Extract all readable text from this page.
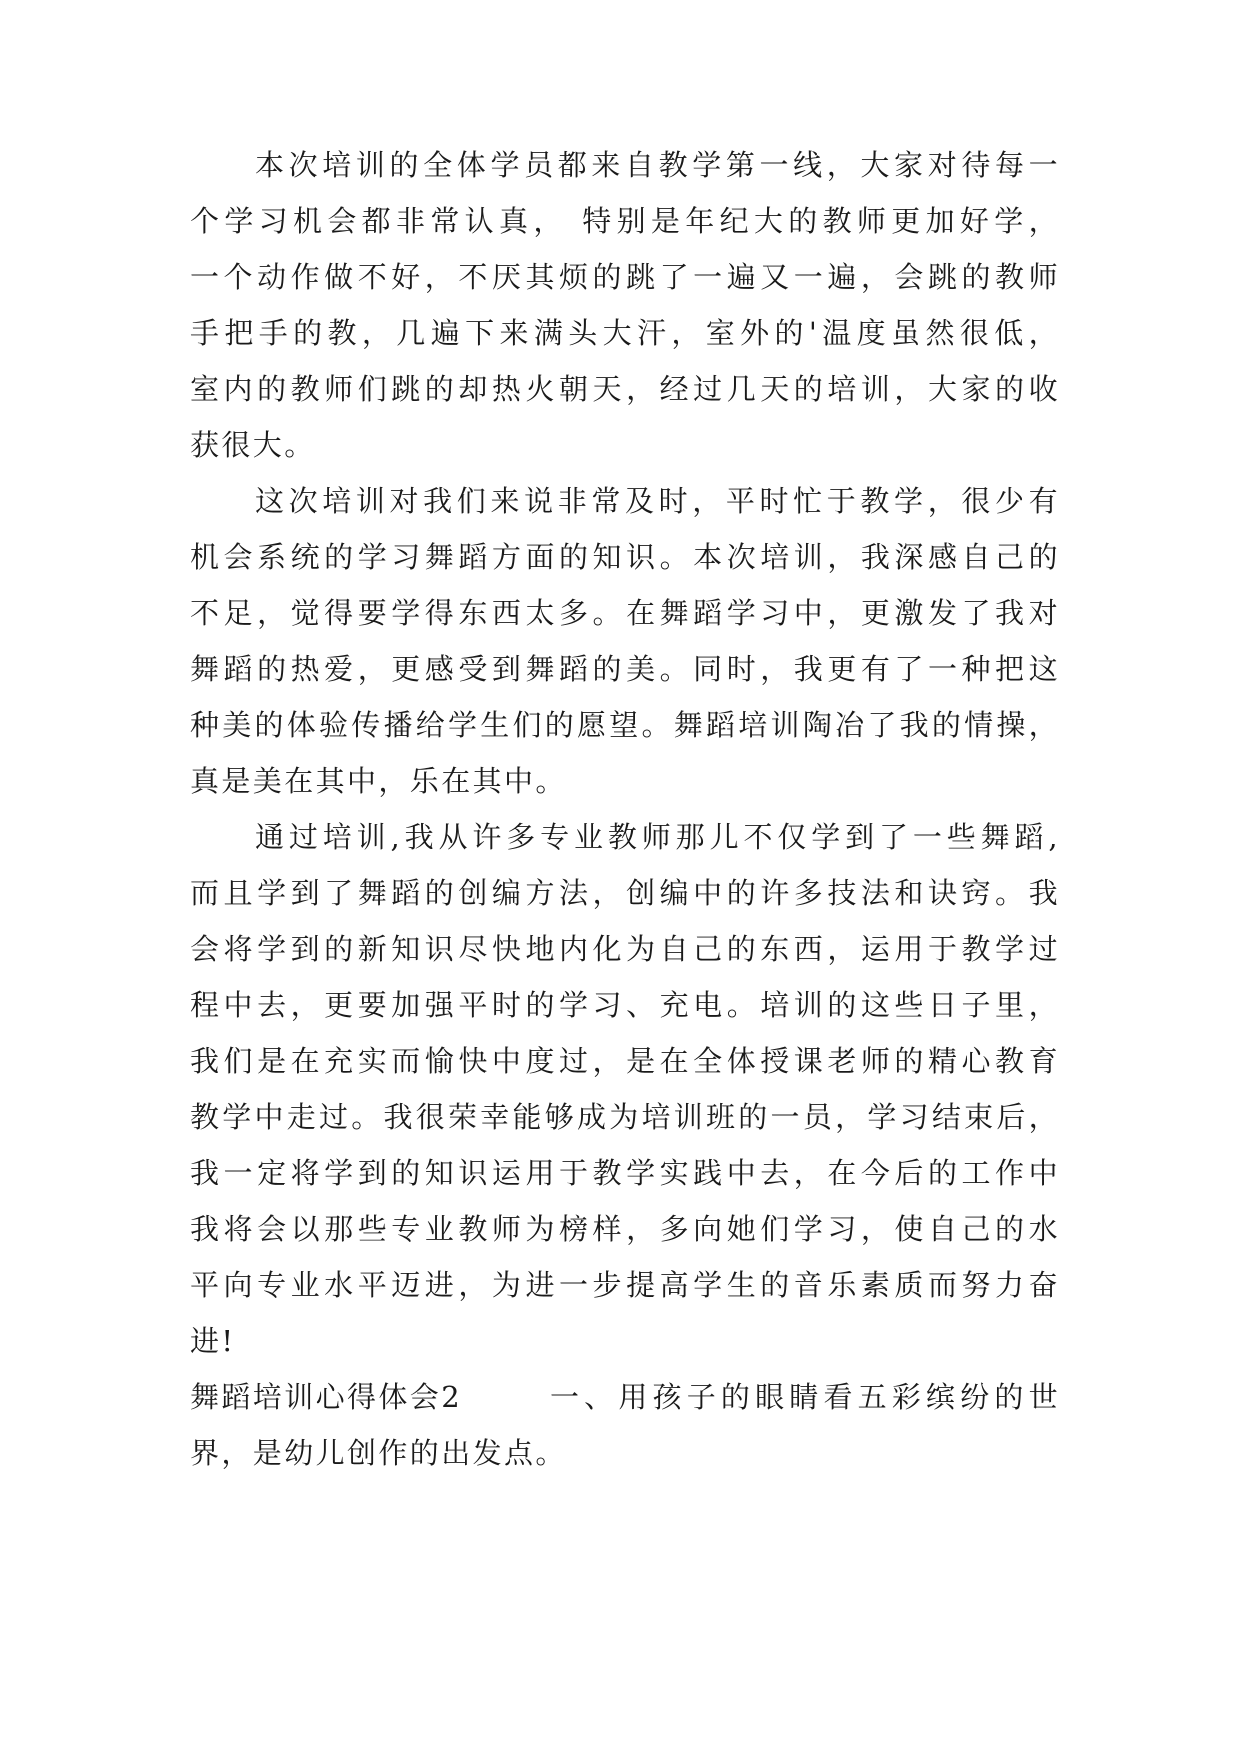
本次培训的全体学员都来自教学第一线，大家对待每一
个学习机会都非常认真， 特别是年纪大的教师更加好学，
一个动作做不好，不厌其烦的跳了一遍又一遍，会跳的教师
手把手的教，几遍下来满头大汗，室外的'温度虽然很低，
室内的教师们跳的却热火朝天，经过几天的培训，大家的收
获很大。
这次培训对我们来说非常及时，平时忙于教学，很少有
机会系统的学习舞蹈方面的知识。本次培训，我深感自己的
不足，觉得要学得东西太多。在舞蹈学习中，更激发了我对
舞蹈的热爱，更感受到舞蹈的美。同时，我更有了一种把这
种美的体验传播给学生们的愿望。舞蹈培训陶冶了我的情操，
真是美在其中，乐在其中。
通过培训,我从许多专业教师那儿不仅学到了一些舞蹈,
而且学到了舞蹈的创编方法，创编中的许多技法和诀窍。我
会将学到的新知识尽快地内化为自己的东西，运用于教学过
程中去，更要加强平时的学习、充电。培训的这些日子里，
我们是在充实而愉快中度过，是在全体授课老师的精心教育
教学中走过。我很荣幸能够成为培训班的一员，学习结束后，
我一定将学到的知识运用于教学实践中去，在今后的工作中
我将会以那些专业教师为榜样，多向她们学习，使自己的水
平向专业水平迈进，为进一步提高学生的音乐素质而努力奋
进!
舞蹈培训心得体会2	一、用孩子的眼睛看五彩缤纷的世
界，是幼儿创作的出发点。
